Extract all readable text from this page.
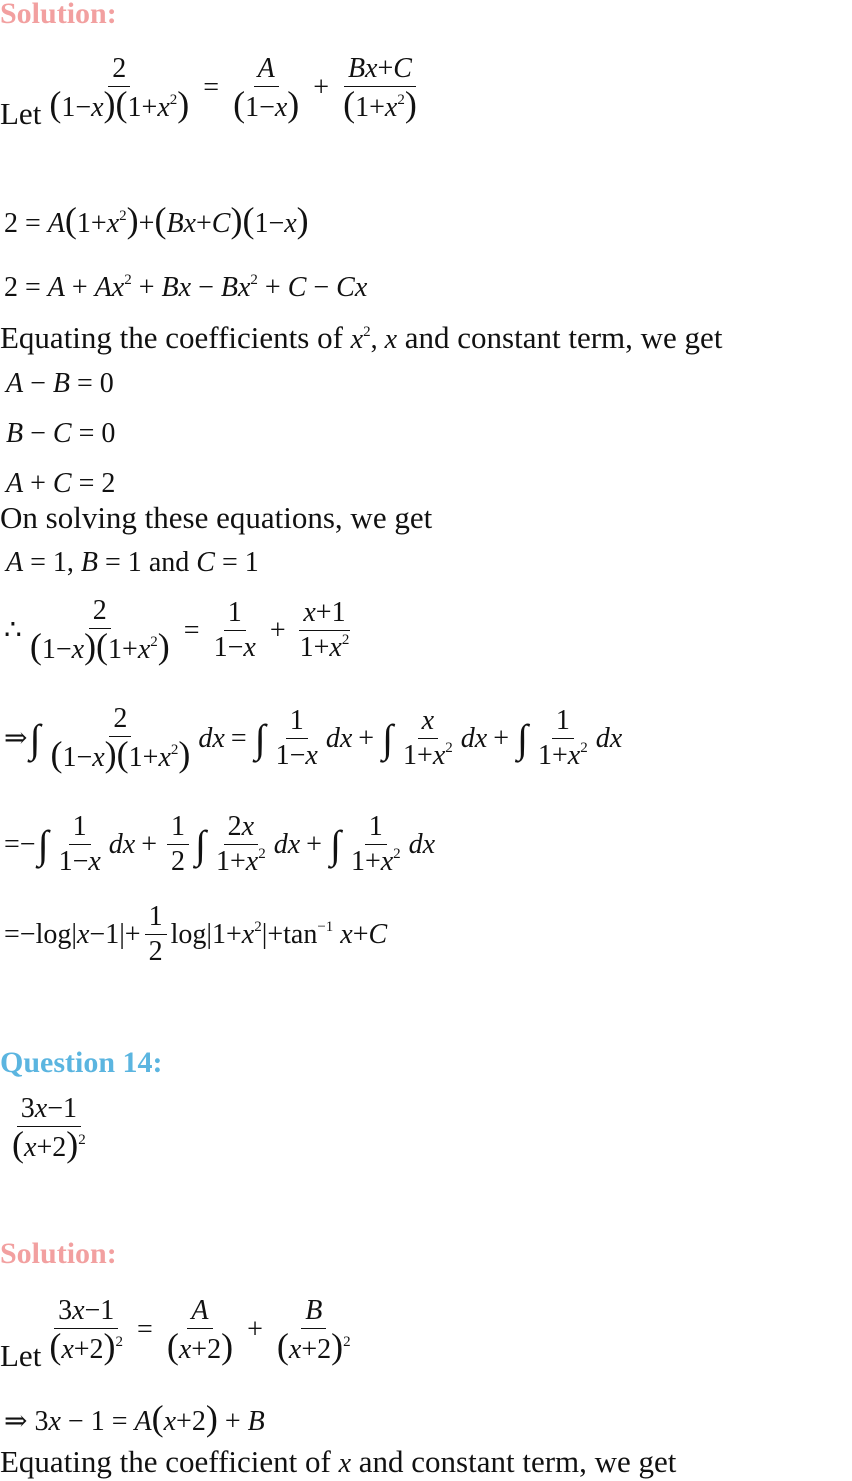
Solution:
Let $\frac{2}{(1-x)(1+x^2)} = \frac{A}{(1-x)} + \frac{Bx+C}{(1+x^2)}$
$2 = A(1+x^2)+(Bx+C)(1-x)$
$2 = A + Ax^2 + Bx - Bx^2 + C - Cx$
Equating the coefficients of $x^2$, x and constant term, we get
A − B = 0
B − C = 0
A + C = 2
On solving these equations, we get
A = 1, B = 1 and C = 1
∴ $\frac{2}{(1-x)(1+x^2)} = \frac{1}{1-x} + \frac{x+1}{1+x^2}$
⇒ ∫ $\frac{2}{(1-x)(1+x^2)}$ dx = ∫ $\frac{1}{1-x}$ dx + ∫ $\frac{x}{1+x^2}$ dx + ∫ $\frac{1}{1+x^2}$ dx
=− ∫ $\frac{1}{1-x}$ dx + $\frac{1}{2}$ ∫ $\frac{2x}{1+x^2}$ dx + ∫ $\frac{1}{1+x^2}$ dx
$=-\log|x-1|+ \frac{1}{2} \log|1+x^2|+\tan^{-1}$ x+C
Question 14:
$\frac{3x-1}{(x+2)^2}$
Solution:
Let $\frac{3x-1}{(x+2)^2} = \frac{A}{(x+2)} + \frac{B}{(x+2)^2}$
⇒ 3x − 1 = A(x+2) + B
Equating the coefficient of x and constant term, we get
